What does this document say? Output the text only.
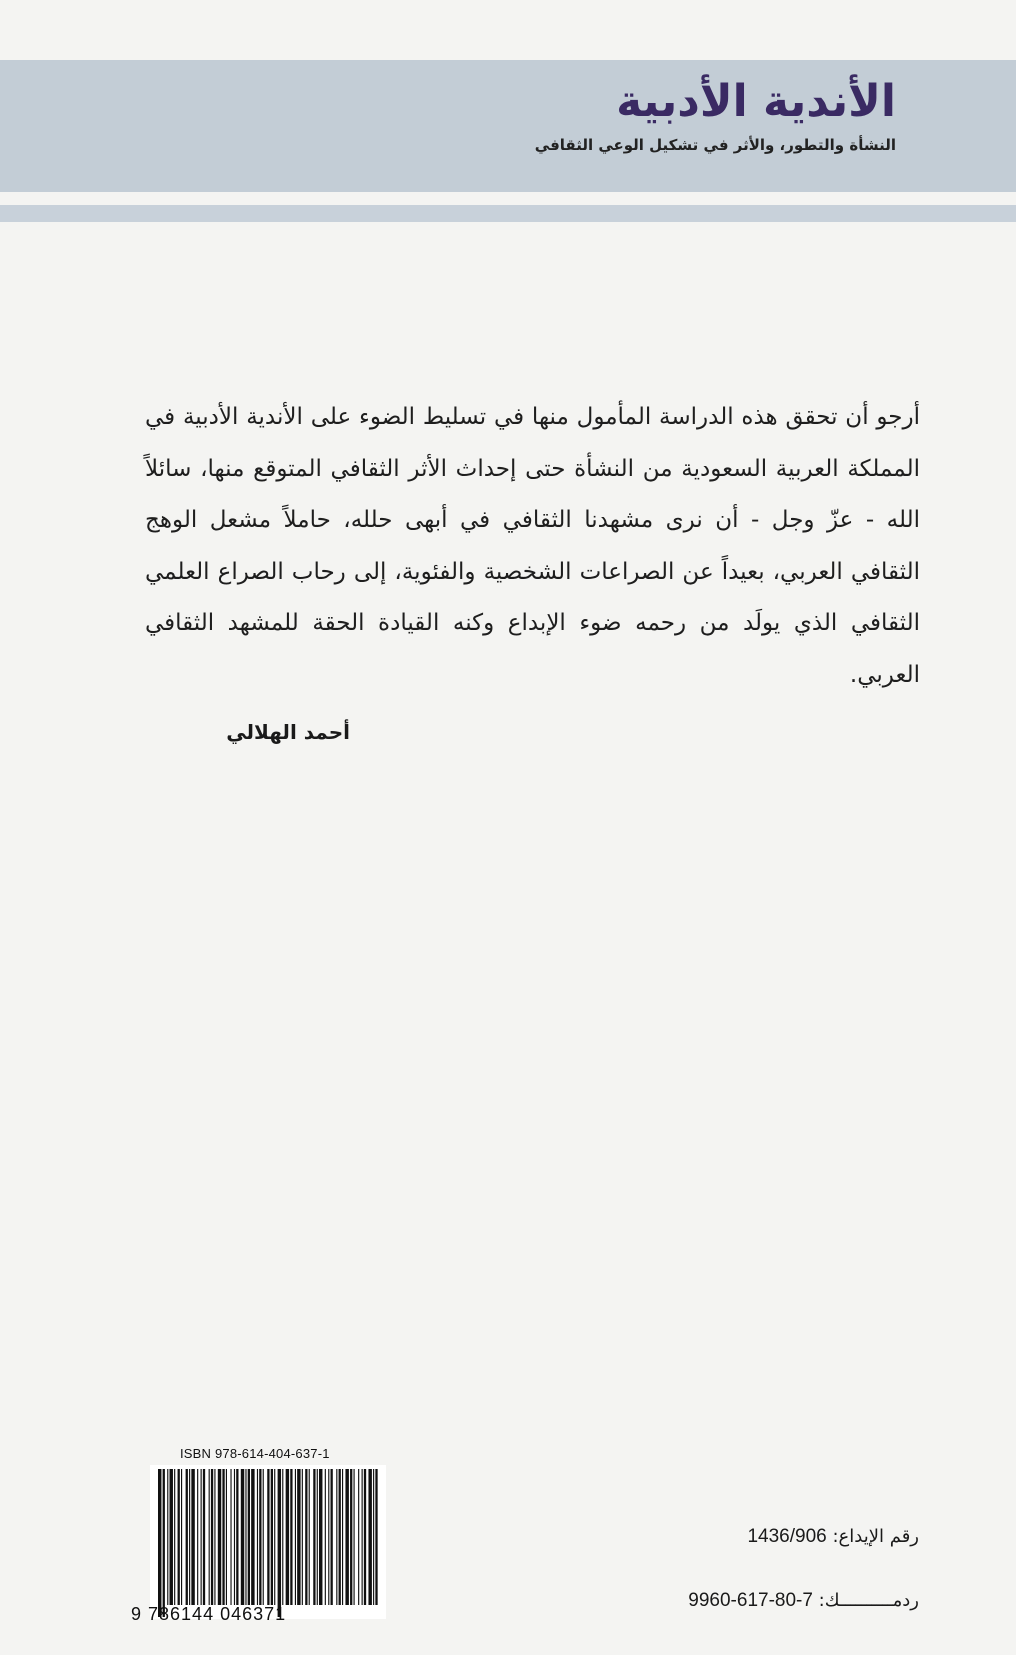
الأندية الأدبية
النشأة والتطور، والأثر في تشكيل الوعي الثقافي

أرجو أن تحقق هذه الدراسة المأمول منها في تسليط الضوء على الأندية الأدبية في المملكة العربية السعودية من النشأة حتى إحداث الأثر الثقافي المتوقع منها، سائلاً الله - عزّ وجل - أن نرى مشهدنا الثقافي في أبهى حلله، حاملاً مشعل الوهج الثقافي العربي، بعيداً عن الصراعات الشخصية والفئوية، إلى رحاب الصراع العلمي الثقافي الذي يولَد من رحمه ضوء الإبداع وكنه القيادة الحقة للمشهد الثقافي العربي.

أحمد الهلالي
ISBN 978-614-404-637-1
9 786144 046371
رقم الإيداع: 1436/906
ردمــــــــــك: 9960-617-80-7
